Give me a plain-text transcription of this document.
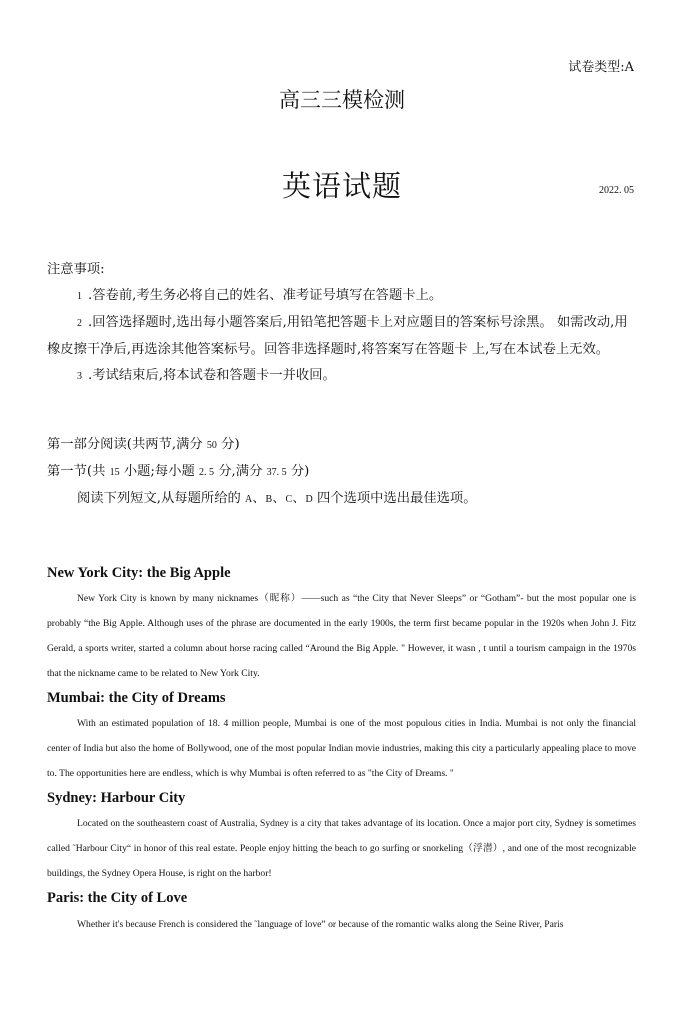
试卷类型:A
高三三模检测
英语试题	2022. 05

注意事项:

1 .答卷前,考生务必将自己的姓名、准考证号填写在答题卡上。

2 .回答选择题时,选出每小题答案后,用铅笔把答题卡上对应题目的答案标号涂黑。 如需改动,用橡皮擦干净后,再选涂其他答案标号。回答非选择题时,将答案写在答题卡 上,写在本试卷上无效。

3 .考试结束后,将本试卷和答题卡一并收回。

第一部分阅读(共两节,满分 50 分)

第一节(共 15 小题;每小题 2. 5 分,满分 37. 5 分)

阅读下列短文,从每题所给的 A、B、C、D 四个选项中选出最佳选项。

New York City: the Big Apple

New York City is known by many nicknames（昵称）——such as “the City that Never Sleeps” or “Gotham”- but the most popular one is probably “the Big Apple. Although uses of the phrase are documented in the early 1900s, the term first became popular in the 1920s when John J. Fitz Gerald, a sports writer, started a column about horse racing called “Around the Big Apple. " However, it wasn , t until a tourism campaign in the 1970s that the nickname came to be related to New York City.

Mumbai: the City of Dreams

With an estimated population of 18. 4 million people, Mumbai is one of the most populous cities in India. Mumbai is not only the financial center of India but also the home of Bollywood, one of the most popular Indian movie industries, making this city a particularly appealing place to move to. The opportunities here are endless, which is why Mumbai is often referred to as "the City of Dreams. "

Sydney: Harbour City

Located on the southeastern coast of Australia, Sydney is a city that takes advantage of its location. Once a major port city, Sydney is sometimes called ˜Harbour City“ in honor of this real estate. People enjoy hitting the beach to go surfing or snorkeling（浮潜）, and one of the most recognizable buildings, the Sydney Opera House, is right on the harbor!

Paris: the City of Love

Whether it's because French is considered the ˜language of love” or because of the romantic walks along the Seine River, Paris
